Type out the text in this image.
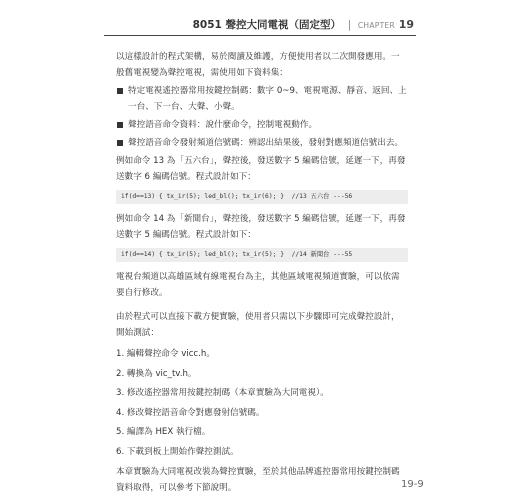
8051 聲控大同電視（固定型） | CHAPTER 19

以這樣設計的程式架構，易於閱讀及維護，方便使用者以二次開發應用。一般舊電視變為聲控電視，需使用如下資料集：

特定電視遙控器常用按鍵控制碼：數字 0~9、電視電源、靜音、返回、上一台、下一台、大聲、小聲。
聲控語音命令資料：說什麼命令，控制電視動作。
聲控語音命令發射頻道信號碼：辨認出結果後，發射對應頻道信號出去。

例如命令 13 為「五六台」，聲控後，發送數字 5 編碼信號，延遲一下，再發送數字 6 編碼信號。程式設計如下：

if(d==13) { tx_ir(5); led_bl(); tx_ir(6); }  //13 五六台 ---56

例如命令 14 為「新聞台」，聲控後，發送數字 5 編碼信號，延遲一下，再發送數字 5 編碼信號。程式設計如下：

if(d==14) { tx_ir(5); led_bl(); tx_ir(5); }  //14 新聞台 ---55

電視台頻道以高雄區域有線電視台為主，其他區域電視頻道實驗，可以依需要自行修改。

由於程式可以直接下載方便實驗，使用者只需以下步驟即可完成聲控設計，開始測試：

1. 編輯聲控命令 vicc.h。
2. 轉換為 vic_tv.h。
3. 修改遙控器常用按鍵控制碼（本章實驗為大同電視）。
4. 修改聲控語音命令對應發射信號碼。
5. 編譯為 HEX 執行檔。
6. 下載到板上開始作聲控測試。

本章實驗為大同電視改裝為聲控實驗，至於其他品牌遙控器常用按鍵控制碼資料取得，可以參考下節說明。	19-9
